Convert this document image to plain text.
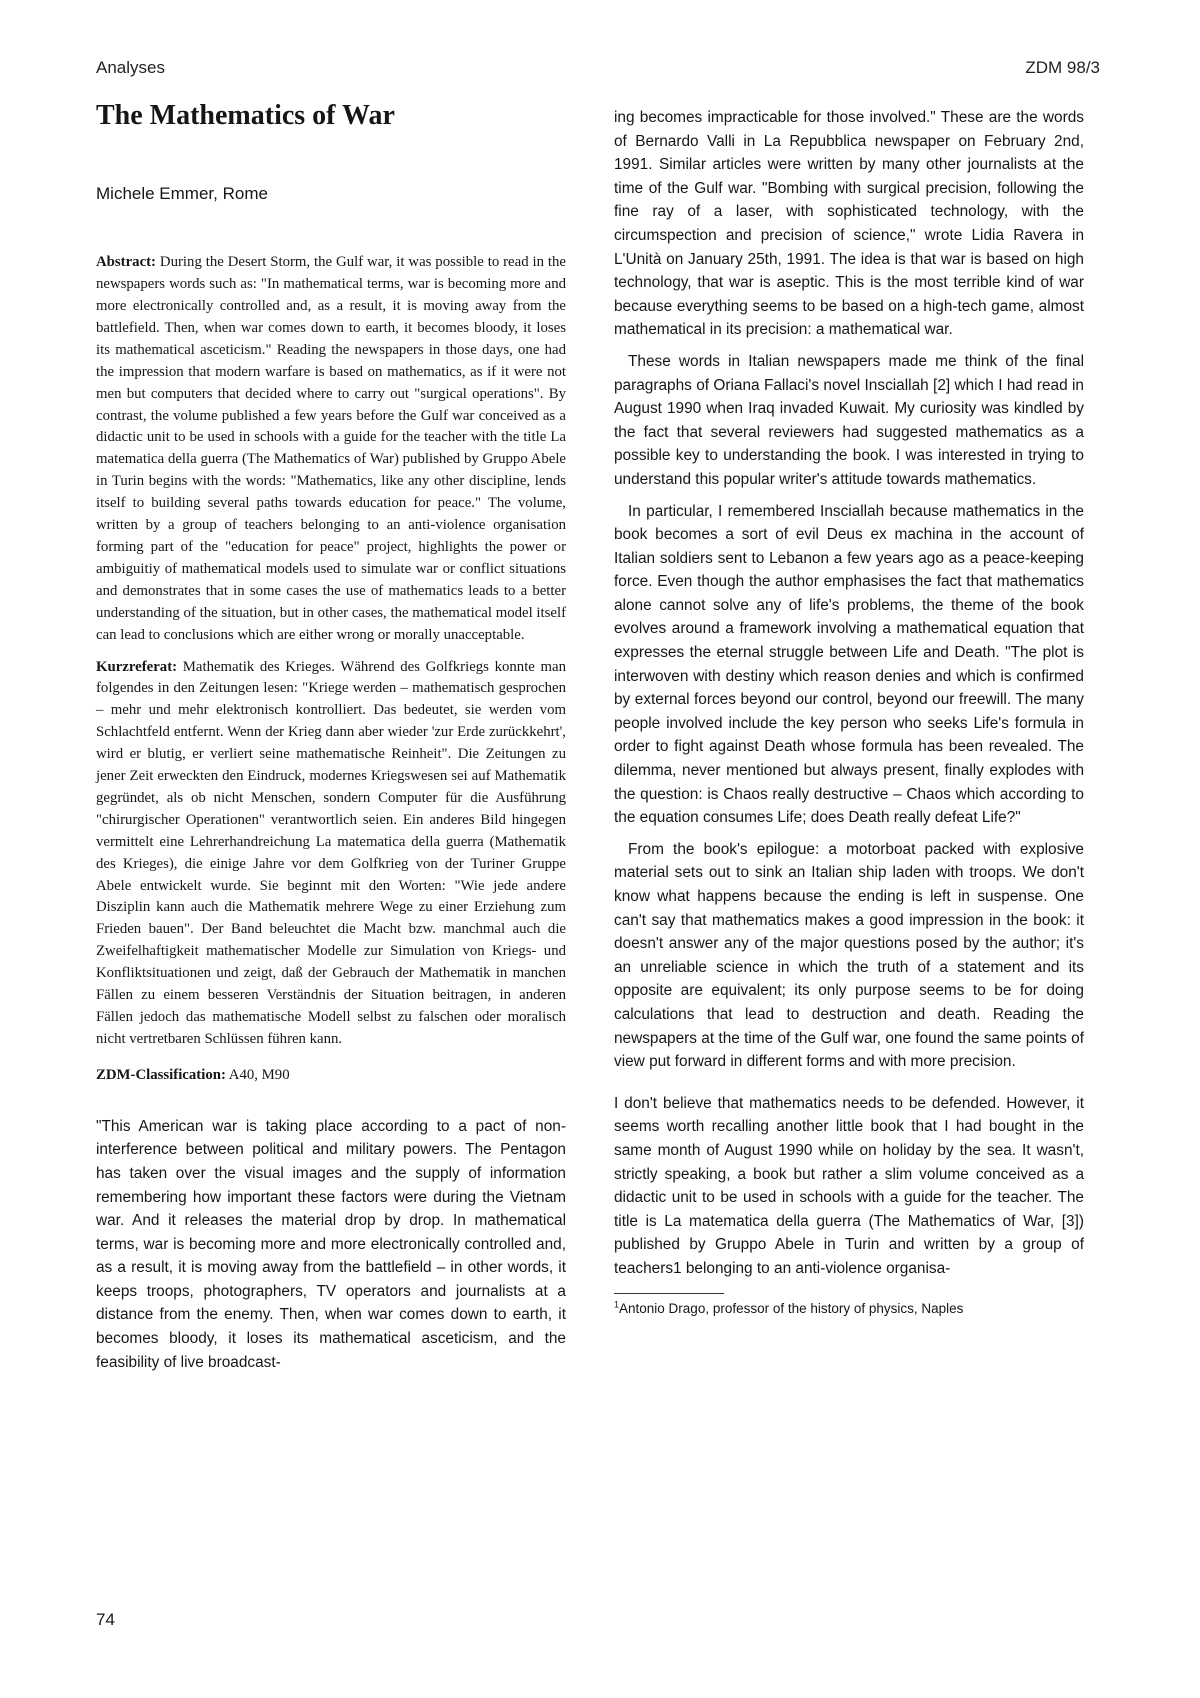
Analyses	ZDM 98/3
The Mathematics of War
Michele Emmer, Rome

Abstract: During the Desert Storm, the Gulf war, it was possible to read in the newspapers words such as: "In mathematical terms, war is becoming more and more electronically controlled and, as a result, it is moving away from the battlefield. Then, when war comes down to earth, it becomes bloody, it loses its mathematical asceticism." Reading the newspapers in those days, one had the impression that modern warfare is based on mathematics, as if it were not men but computers that decided where to carry out "surgical operations". By contrast, the volume published a few years before the Gulf war conceived as a didactic unit to be used in schools with a guide for the teacher with the title La matematica della guerra (The Mathematics of War) published by Gruppo Abele in Turin begins with the words: "Mathematics, like any other discipline, lends itself to building several paths towards education for peace." The volume, written by a group of teachers belonging to an anti-violence organisation forming part of the "education for peace" project, highlights the power or ambiguitiy of mathematical models used to simulate war or conflict situations and demonstrates that in some cases the use of mathematics leads to a better understanding of the situation, but in other cases, the mathematical model itself can lead to conclusions which are either wrong or morally unacceptable.

Kurzreferat: Mathematik des Krieges. Während des Golfkriegs konnte man folgendes in den Zeitungen lesen: "Kriege werden – mathematisch gesprochen – mehr und mehr elektronisch kontrolliert. Das bedeutet, sie werden vom Schlachtfeld entfernt. Wenn der Krieg dann aber wieder 'zur Erde zurückkehrt', wird er blutig, er verliert seine mathematische Reinheit". Die Zeitungen zu jener Zeit erweckten den Eindruck, modernes Kriegswesen sei auf Mathematik gegründet, als ob nicht Menschen, sondern Computer für die Ausführung "chirurgischer Operationen" verantwortlich seien. Ein anderes Bild hingegen vermittelt eine Lehrerhandreichung La matematica della guerra (Mathematik des Krieges), die einige Jahre vor dem Golfkrieg von der Turiner Gruppe Abele entwickelt wurde. Sie beginnt mit den Worten: "Wie jede andere Disziplin kann auch die Mathematik mehrere Wege zu einer Erziehung zum Frieden bauen". Der Band beleuchtet die Macht bzw. manchmal auch die Zweifelhaftigkeit mathematischer Modelle zur Simulation von Kriegs- und Konfliktsituationen und zeigt, daß der Gebrauch der Mathematik in manchen Fällen zu einem besseren Verständnis der Situation beitragen, in anderen Fällen jedoch das mathematische Modell selbst zu falschen oder moralisch nicht vertretbaren Schlüssen führen kann.

ZDM-Classification: A40, M90

"This American war is taking place according to a pact of non-interference between political and military powers. The Pentagon has taken over the visual images and the supply of information remembering how important these factors were during the Vietnam war. And it releases the material drop by drop. In mathematical terms, war is becoming more and more electronically controlled and, as a result, it is moving away from the battlefield – in other words, it keeps troops, photographers, TV operators and journalists at a distance from the enemy. Then, when war comes down to earth, it becomes bloody, it loses its mathematical asceticism, and the feasibility of live broadcast-

ing becomes impracticable for those involved." These are the words of Bernardo Valli in La Repubblica newspaper on February 2nd, 1991. Similar articles were written by many other journalists at the time of the Gulf war. "Bombing with surgical precision, following the fine ray of a laser, with sophisticated technology, with the circumspection and precision of science," wrote Lidia Ravera in L'Unità on January 25th, 1991. The idea is that war is based on high technology, that war is aseptic. This is the most terrible kind of war because everything seems to be based on a high-tech game, almost mathematical in its precision: a mathematical war.

These words in Italian newspapers made me think of the final paragraphs of Oriana Fallaci's novel Insciallah [2] which I had read in August 1990 when Iraq invaded Kuwait. My curiosity was kindled by the fact that several reviewers had suggested mathematics as a possible key to understanding the book. I was interested in trying to understand this popular writer's attitude towards mathematics.

In particular, I remembered Insciallah because mathematics in the book becomes a sort of evil Deus ex machina in the account of Italian soldiers sent to Lebanon a few years ago as a peace-keeping force. Even though the author emphasises the fact that mathematics alone cannot solve any of life's problems, the theme of the book evolves around a framework involving a mathematical equation that expresses the eternal struggle between Life and Death. "The plot is interwoven with destiny which reason denies and which is confirmed by external forces beyond our control, beyond our freewill. The many people involved include the key person who seeks Life's formula in order to fight against Death whose formula has been revealed. The dilemma, never mentioned but always present, finally explodes with the question: is Chaos really destructive – Chaos which according to the equation consumes Life; does Death really defeat Life?"

From the book's epilogue: a motorboat packed with explosive material sets out to sink an Italian ship laden with troops. We don't know what happens because the ending is left in suspense. One can't say that mathematics makes a good impression in the book: it doesn't answer any of the major questions posed by the author; it's an unreliable science in which the truth of a statement and its opposite are equivalent; its only purpose seems to be for doing calculations that lead to destruction and death. Reading the newspapers at the time of the Gulf war, one found the same points of view put forward in different forms and with more precision.

I don't believe that mathematics needs to be defended. However, it seems worth recalling another little book that I had bought in the same month of August 1990 while on holiday by the sea. It wasn't, strictly speaking, a book but rather a slim volume conceived as a didactic unit to be used in schools with a guide for the teacher. The title is La matematica della guerra (The Mathematics of War, [3]) published by Gruppo Abele in Turin and written by a group of teachers1 belonging to an anti-violence organisa-

$^1$Antonio Drago, professor of the history of physics, Naples
74
